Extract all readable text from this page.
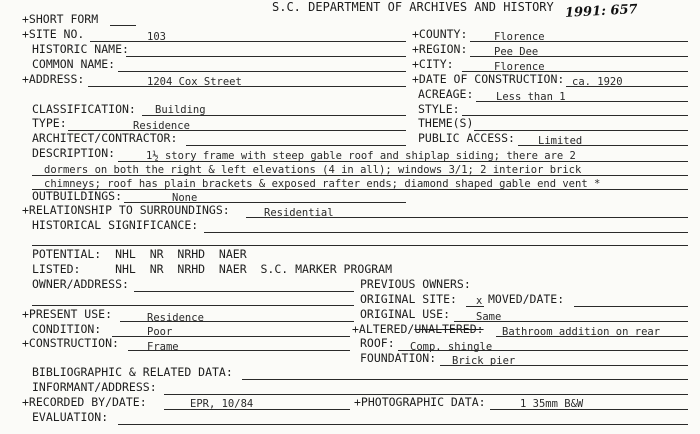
S.C. DEPARTMENT OF ARCHIVES AND HISTORY 1991: 657
+SHORT FORM
+SITE NO.	103	+COUNTY:	Florence
HISTORIC NAME:	+REGION:	Pee Dee
COMMON NAME:	+CITY:	Florence
+ADDRESS:	1204 Cox Street	+DATE OF CONSTRUCTION: ca. 1920
ACREAGE: Less than 1
CLASSIFICATION: Building	STYLE:
TYPE:	Residence	THEME(S)
ARCHITECT/CONTRACTOR:	PUBLIC ACCESS: Limited
DESCRIPTION:	1½ story frame with steep gable roof and shiplap siding; there are 2
dormers on both the right & left elevations (4 in all); windows 3/1; 2 interior brick
chimneys; roof has plain brackets & exposed rafter ends; diamond shaped gable end vent *
OUTBUILDINGS:	None
+RELATIONSHIP TO SURROUNDINGS:	Residential
HISTORICAL SIGNIFICANCE:
POTENTIAL:  NHL  NR  NRHD  NAER
LISTED:     NHL  NR  NRHD  NAER  S.C. MARKER PROGRAM
OWNER/ADDRESS:	PREVIOUS OWNERS:
ORIGINAL SITE: x MOVED/DATE:
+PRESENT USE:	Residence	ORIGINAL USE: Same
CONDITION:	Poor	+ALTERED/UNALTERED: Bathroom addition on rear
+CONSTRUCTION:	Frame	ROOF: Comp. shingle
FOUNDATION: Brick pier
BIBLIOGRAPHIC & RELATED DATA:
INFORMANT/ADDRESS:
+RECORDED BY/DATE:	EPR, 10/84	+PHOTOGRAPHIC DATA:	1 35mm B&W
EVALUATION:
